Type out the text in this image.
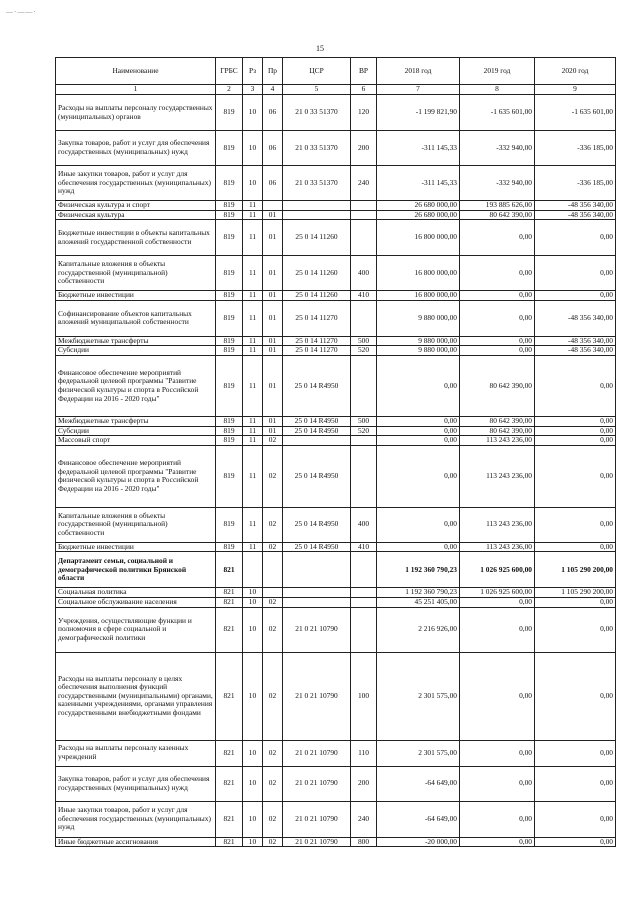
—·——·
15
Наименование	ГРБС	Рз	Пр	ЦСР	ВР	2018 год	2019 год	2020 год
1	2	3	4	5	6	7	8	9
Расходы на выплаты персоналу государственных (муниципальных) органов	819	10	06	21 0 33 51370	120	-1 199 821,90	-1 635 601,00	-1 635 601,00
Закупка товаров, работ и услуг для обеспечения государственных (муниципальных) нужд	819	10	06	21 0 33 51370	200	-311 145,33	-332 940,00	-336 185,00
Иные закупки товаров, работ и услуг для обеспечения государственных (муниципальных) нужд	819	10	06	21 0 33 51370	240	-311 145,33	-332 940,00	-336 185,00
Физическая культура и спорт	819	11				26 680 000,00	193 885 626,00	-48 356 340,00
Физическая культура	819	11	01			26 680 000,00	80 642 390,00	-48 356 340,00
Бюджетные инвестиции в объекты капитальных вложений государственной собственности	819	11	01	25 0 14 11260		16 800 000,00	0,00	0,00
Капитальные вложения в объекты государственной (муниципальной) собственности	819	11	01	25 0 14 11260	400	16 800 000,00	0,00	0,00
Бюджетные инвестиции	819	11	01	25 0 14 11260	410	16 800 000,00	0,00	0,00
Софинансирование объектов капитальных вложений муниципальной собственности	819	11	01	25 0 14 11270		9 880 000,00	0,00	-48 356 340,00
Межбюджетные трансферты	819	11	01	25 0 14 11270	500	9 880 000,00	0,00	-48 356 340,00
Субсидии	819	11	01	25 0 14 11270	520	9 880 000,00	0,00	-48 356 340,00
Финансовое обеспечение мероприятий федеральной целевой программы "Развитие физической культуры и спорта в Российской Федерации на 2016 - 2020 годы"	819	11	01	25 0 14 R4950		0,00	80 642 390,00	0,00
Межбюджетные трансферты	819	11	01	25 0 14 R4950	500	0,00	80 642 390,00	0,00
Субсидии	819	11	01	25 0 14 R4950	520	0,00	80 642 390,00	0,00
Массовый спорт	819	11	02			0,00	113 243 236,00	0,00
Финансовое обеспечение мероприятий федеральной целевой программы "Развитие физической культуры и спорта в Российской Федерации на 2016 - 2020 годы"	819	11	02	25 0 14 R4950		0,00	113 243 236,00	0,00
Капитальные вложения в объекты государственной (муниципальной) собственности	819	11	02	25 0 14 R4950	400	0,00	113 243 236,00	0,00
Бюджетные инвестиции	819	11	02	25 0 14 R4950	410	0,00	113 243 236,00	0,00
Департамент семьи, социальной и демографической политики Брянской области	821					1 192 360 790,23	1 026 925 600,00	1 105 290 200,00
Социальная политика	821	10				1 192 360 790,23	1 026 925 600,00	1 105 290 200,00
Социальное обслуживание населения	821	10	02			45 251 405,00	0,00	0,00
Учреждения, осуществляющие функции и полномочия в сфере социальной и демографической политики	821	10	02	21 0 21 10790		2 216 926,00	0,00	0,00
Расходы на выплаты персоналу в целях обеспечения выполнения функций государственными (муниципальными) органами, казенными учреждениями, органами управления государственными внебюджетными фондами	821	10	02	21 0 21 10790	100	2 301 575,00	0,00	0,00
Расходы на выплаты персоналу казенных учреждений	821	10	02	21 0 21 10790	110	2 301 575,00	0,00	0,00
Закупка товаров, работ и услуг для обеспечения государственных (муниципальных) нужд	821	10	02	21 0 21 10790	200	-64 649,00	0,00	0,00
Иные закупки товаров, работ и услуг для обеспечения государственных (муниципальных) нужд	821	10	02	21 0 21 10790	240	-64 649,00	0,00	0,00
Иные бюджетные ассигнования	821	10	02	21 0 21 10790	800	-20 000,00	0,00	0,00
